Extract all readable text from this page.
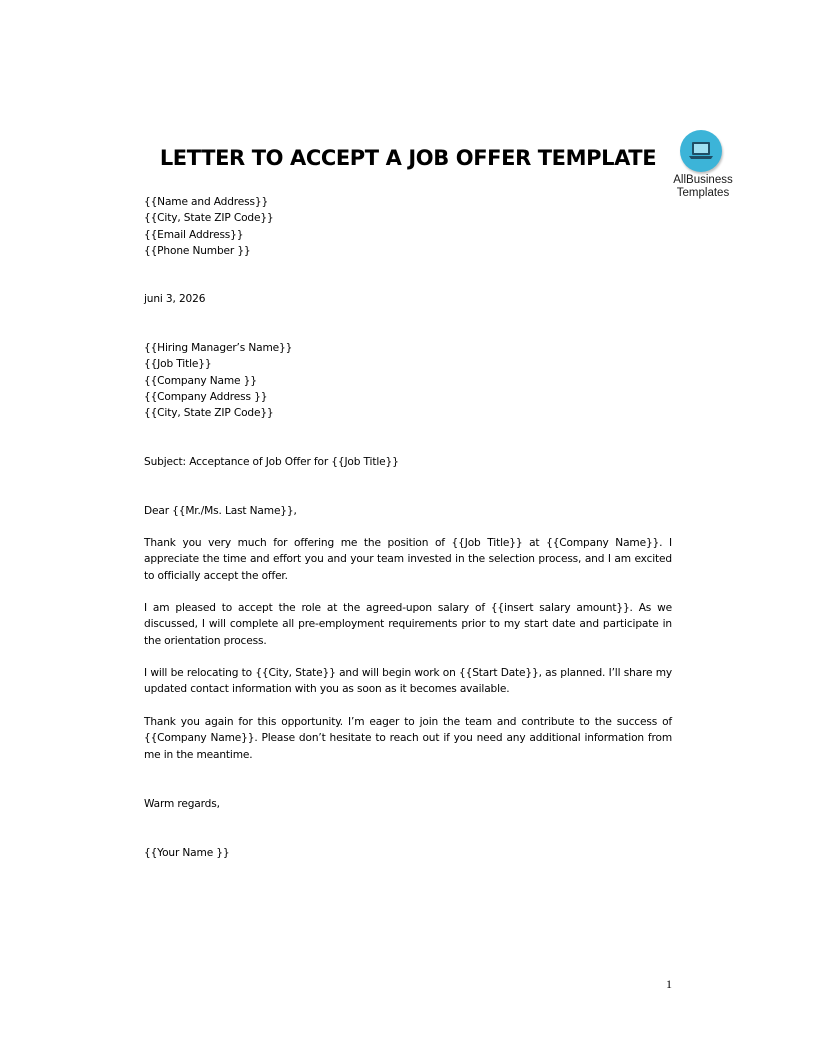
LETTER TO ACCEPT A JOB OFFER TEMPLATE
AllBusiness
Templates
{{Name and Address}}
{{City, State ZIP Code}}
{{Email Address}}
{{Phone Number }}
juni 3, 2026
{{Hiring Manager’s Name}}
{{Job Title}}
{{Company Name }}
{{Company Address }}
{{City, State ZIP Code}}
Subject: Acceptance of Job Offer for {{Job Title}}
Dear {{Mr./Ms. Last Name}},

Thank you very much for offering me the position of {{Job Title}} at {{Company Name}}. I appreciate the time and effort you and your team invested in the selection process, and I am excited to officially accept the offer.

I am pleased to accept the role at the agreed-upon salary of {{insert salary amount}}. As we discussed, I will complete all pre-employment requirements prior to my start date and participate in the orientation process.

I will be relocating to {{City, State}} and will begin work on {{Start Date}}, as planned. I’ll share my updated contact information with you as soon as it becomes available.

Thank you again for this opportunity. I’m eager to join the team and contribute to the success of {{Company Name}}. Please don’t hesitate to reach out if you need any additional information from me in the meantime.

Warm regards,
{{Your Name }}
1
